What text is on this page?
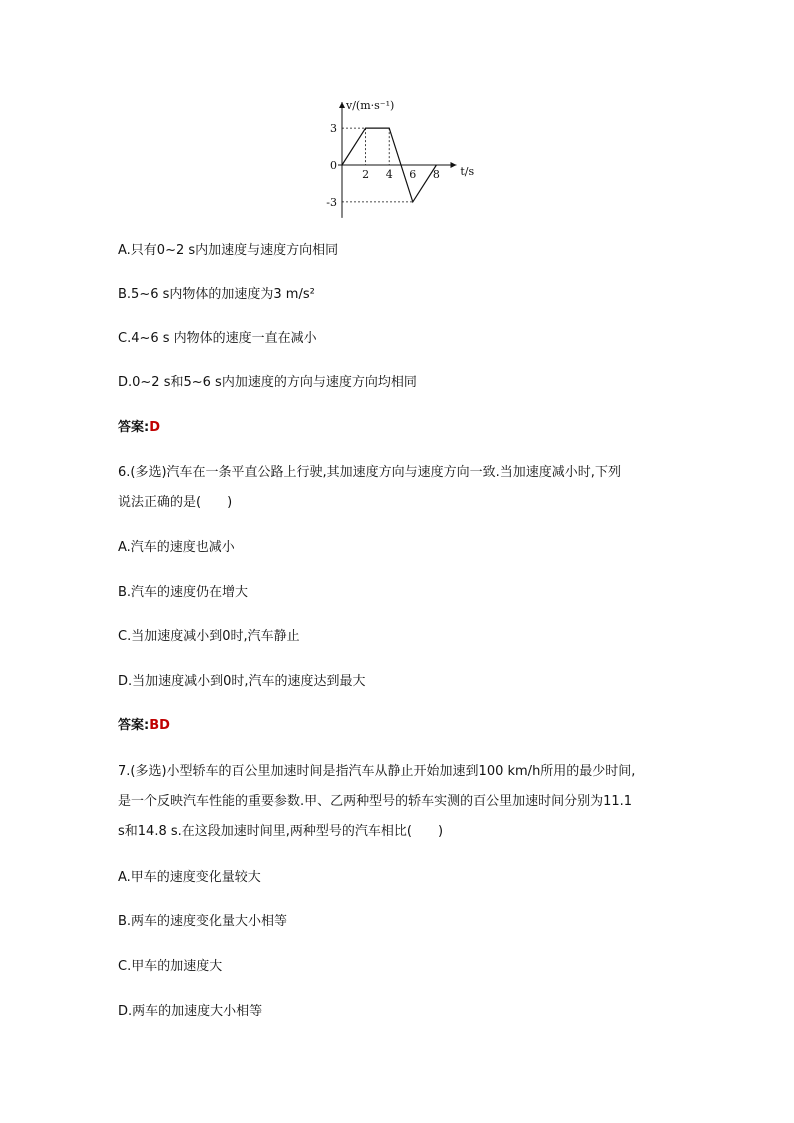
v/(m·s⁻¹)
t/s
0
3
-3
2 4 6 8
A.只有0~2 s内加速度与速度方向相同
B.5~6 s内物体的加速度为3 m/s²
C.4~6 s 内物体的速度一直在减小
D.0~2 s和5~6 s内加速度的方向与速度方向均相同
答案:D
6.(多选)汽车在一条平直公路上行驶,其加速度方向与速度方向一致.当加速度减小时,下列
说法正确的是(　　)
A.汽车的速度也减小
B.汽车的速度仍在增大
C.当加速度减小到0时,汽车静止
D.当加速度减小到0时,汽车的速度达到最大
答案:BD
7.(多选)小型轿车的百公里加速时间是指汽车从静止开始加速到100 km/h所用的最少时间,
是一个反映汽车性能的重要参数.甲、乙两种型号的轿车实测的百公里加速时间分别为11.1
s和14.8 s.在这段加速时间里,两种型号的汽车相比(　　)
A.甲车的速度变化量较大
B.两车的速度变化量大小相等
C.甲车的加速度大
D.两车的加速度大小相等
